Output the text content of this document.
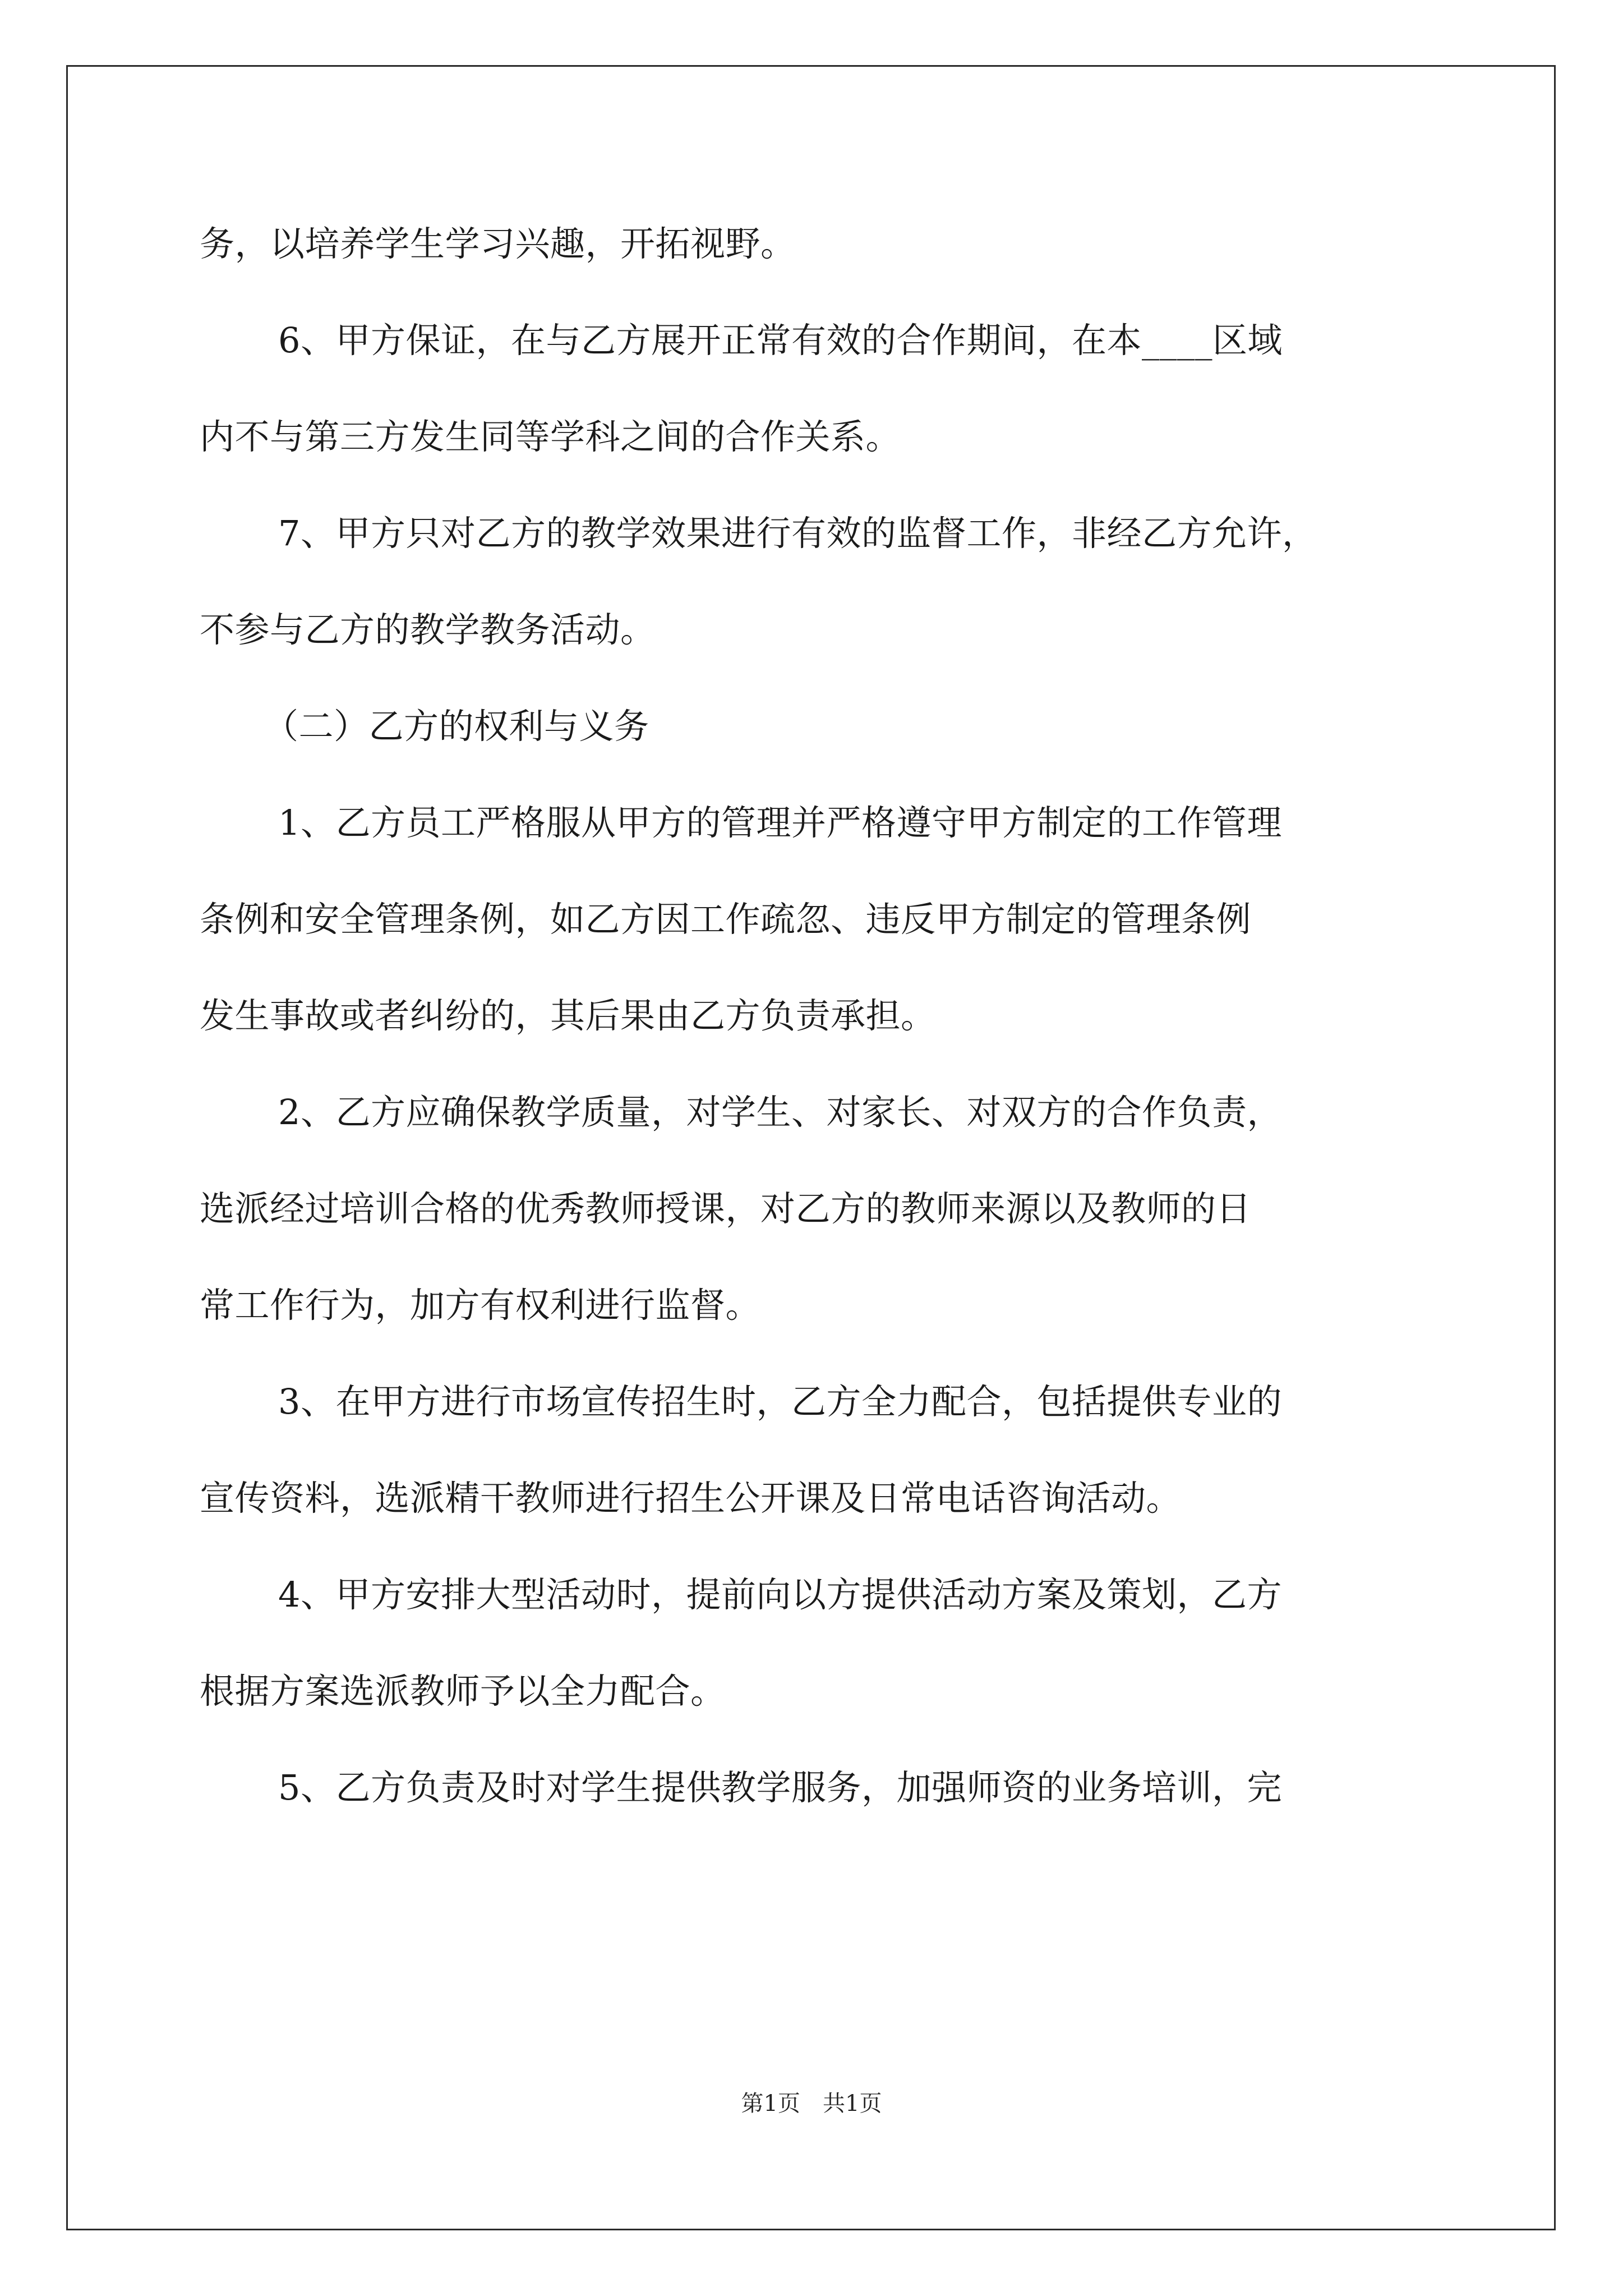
务，以培养学生学习兴趣，开拓视野。
6、甲方保证，在与乙方展开正常有效的合作期间，在本____区域
内不与第三方发生同等学科之间的合作关系。
7、甲方只对乙方的教学效果进行有效的监督工作，非经乙方允许，
不参与乙方的教学教务活动。
（二）乙方的权利与义务
1、乙方员工严格服从甲方的管理并严格遵守甲方制定的工作管理
条例和安全管理条例，如乙方因工作疏忽、违反甲方制定的管理条例
发生事故或者纠纷的，其后果由乙方负责承担。
2、乙方应确保教学质量，对学生、对家长、对双方的合作负责，
选派经过培训合格的优秀教师授课，对乙方的教师来源以及教师的日
常工作行为，加方有权利进行监督。
3、在甲方进行市场宣传招生时，乙方全力配合，包括提供专业的
宣传资料，选派精干教师进行招生公开课及日常电话咨询活动。
4、甲方安排大型活动时，提前向以方提供活动方案及策划，乙方
根据方案选派教师予以全力配合。
5、乙方负责及时对学生提供教学服务，加强师资的业务培训，完
第1页 共1页
